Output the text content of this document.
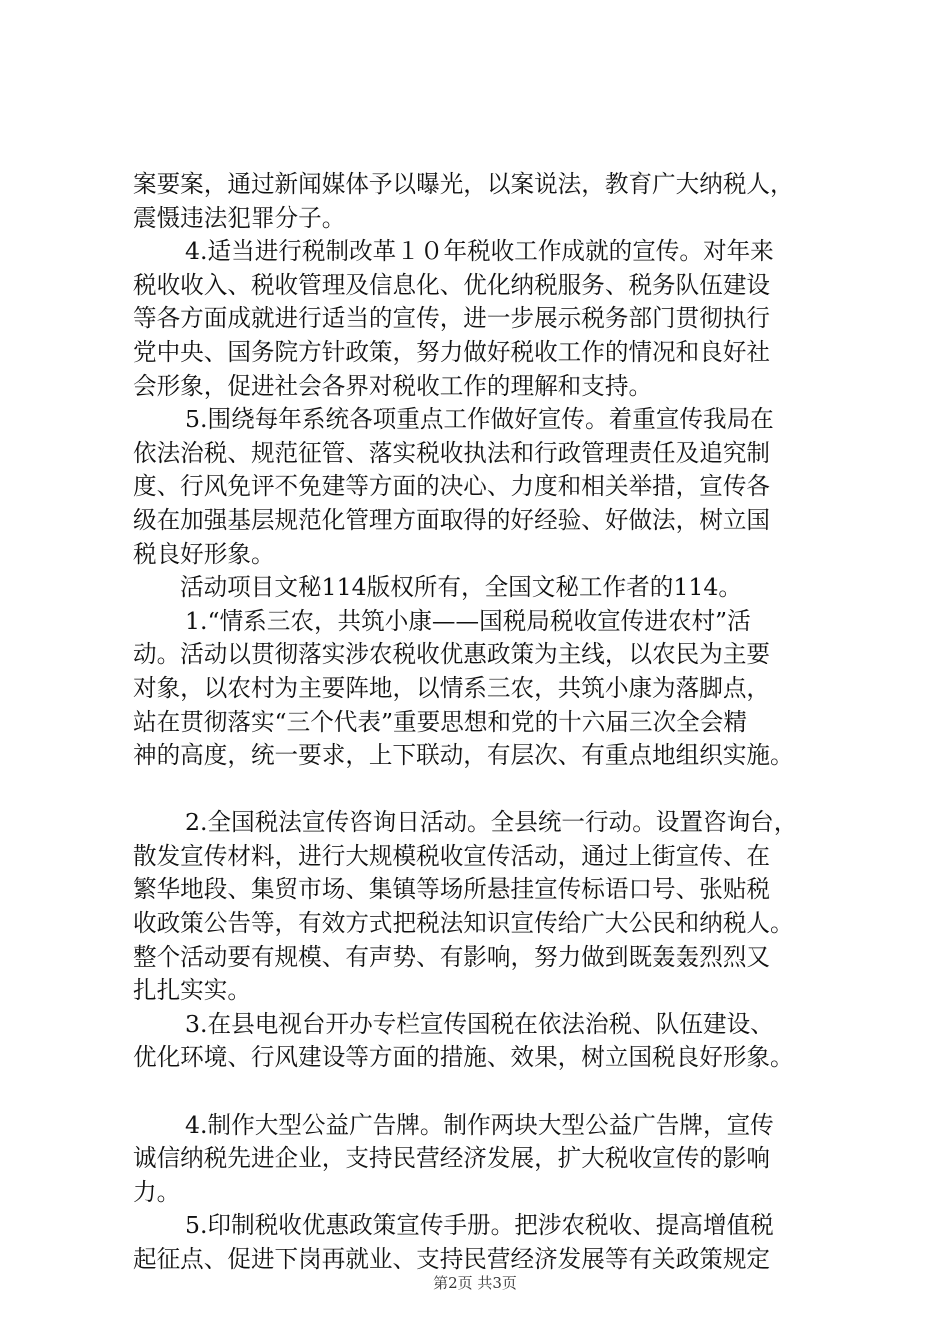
案要案，通过新闻媒体予以曝光，以案说法，教育广大纳税人，
震慑违法犯罪分子。
4.适当进行税制改革１０年税收工作成就的宣传。对年来
税收收入、税收管理及信息化、优化纳税服务、税务队伍建设
等各方面成就进行适当的宣传，进一步展示税务部门贯彻执行
党中央、国务院方针政策，努力做好税收工作的情况和良好社
会形象，促进社会各界对税收工作的理解和支持。
5.围绕每年系统各项重点工作做好宣传。着重宣传我局在
依法治税、规范征管、落实税收执法和行政管理责任及追究制
度、行风免评不免建等方面的决心、力度和相关举措，宣传各
级在加强基层规范化管理方面取得的好经验、好做法，树立国
税良好形象。
活动项目文秘114版权所有，全国文秘工作者的114。
1.“情系三农，共筑小康——国税局税收宣传进农村”活
动。活动以贯彻落实涉农税收优惠政策为主线，以农民为主要
对象，以农村为主要阵地，以情系三农，共筑小康为落脚点，
站在贯彻落实“三个代表”重要思想和党的十六届三次全会精
神的高度，统一要求，上下联动，有层次、有重点地组织实施。
2.全国税法宣传咨询日活动。全县统一行动。设置咨询台，
散发宣传材料，进行大规模税收宣传活动，通过上街宣传、在
繁华地段、集贸市场、集镇等场所悬挂宣传标语口号、张贴税
收政策公告等，有效方式把税法知识宣传给广大公民和纳税人。
整个活动要有规模、有声势、有影响，努力做到既轰轰烈烈又
扎扎实实。
3.在县电视台开办专栏宣传国税在依法治税、队伍建设、
优化环境、行风建设等方面的措施、效果，树立国税良好形象。
4.制作大型公益广告牌。制作两块大型公益广告牌，宣传
诚信纳税先进企业，支持民营经济发展，扩大税收宣传的影响
力。
5.印制税收优惠政策宣传手册。把涉农税收、提高增值税
起征点、促进下岗再就业、支持民营经济发展等有关政策规定
第2页 共3页
